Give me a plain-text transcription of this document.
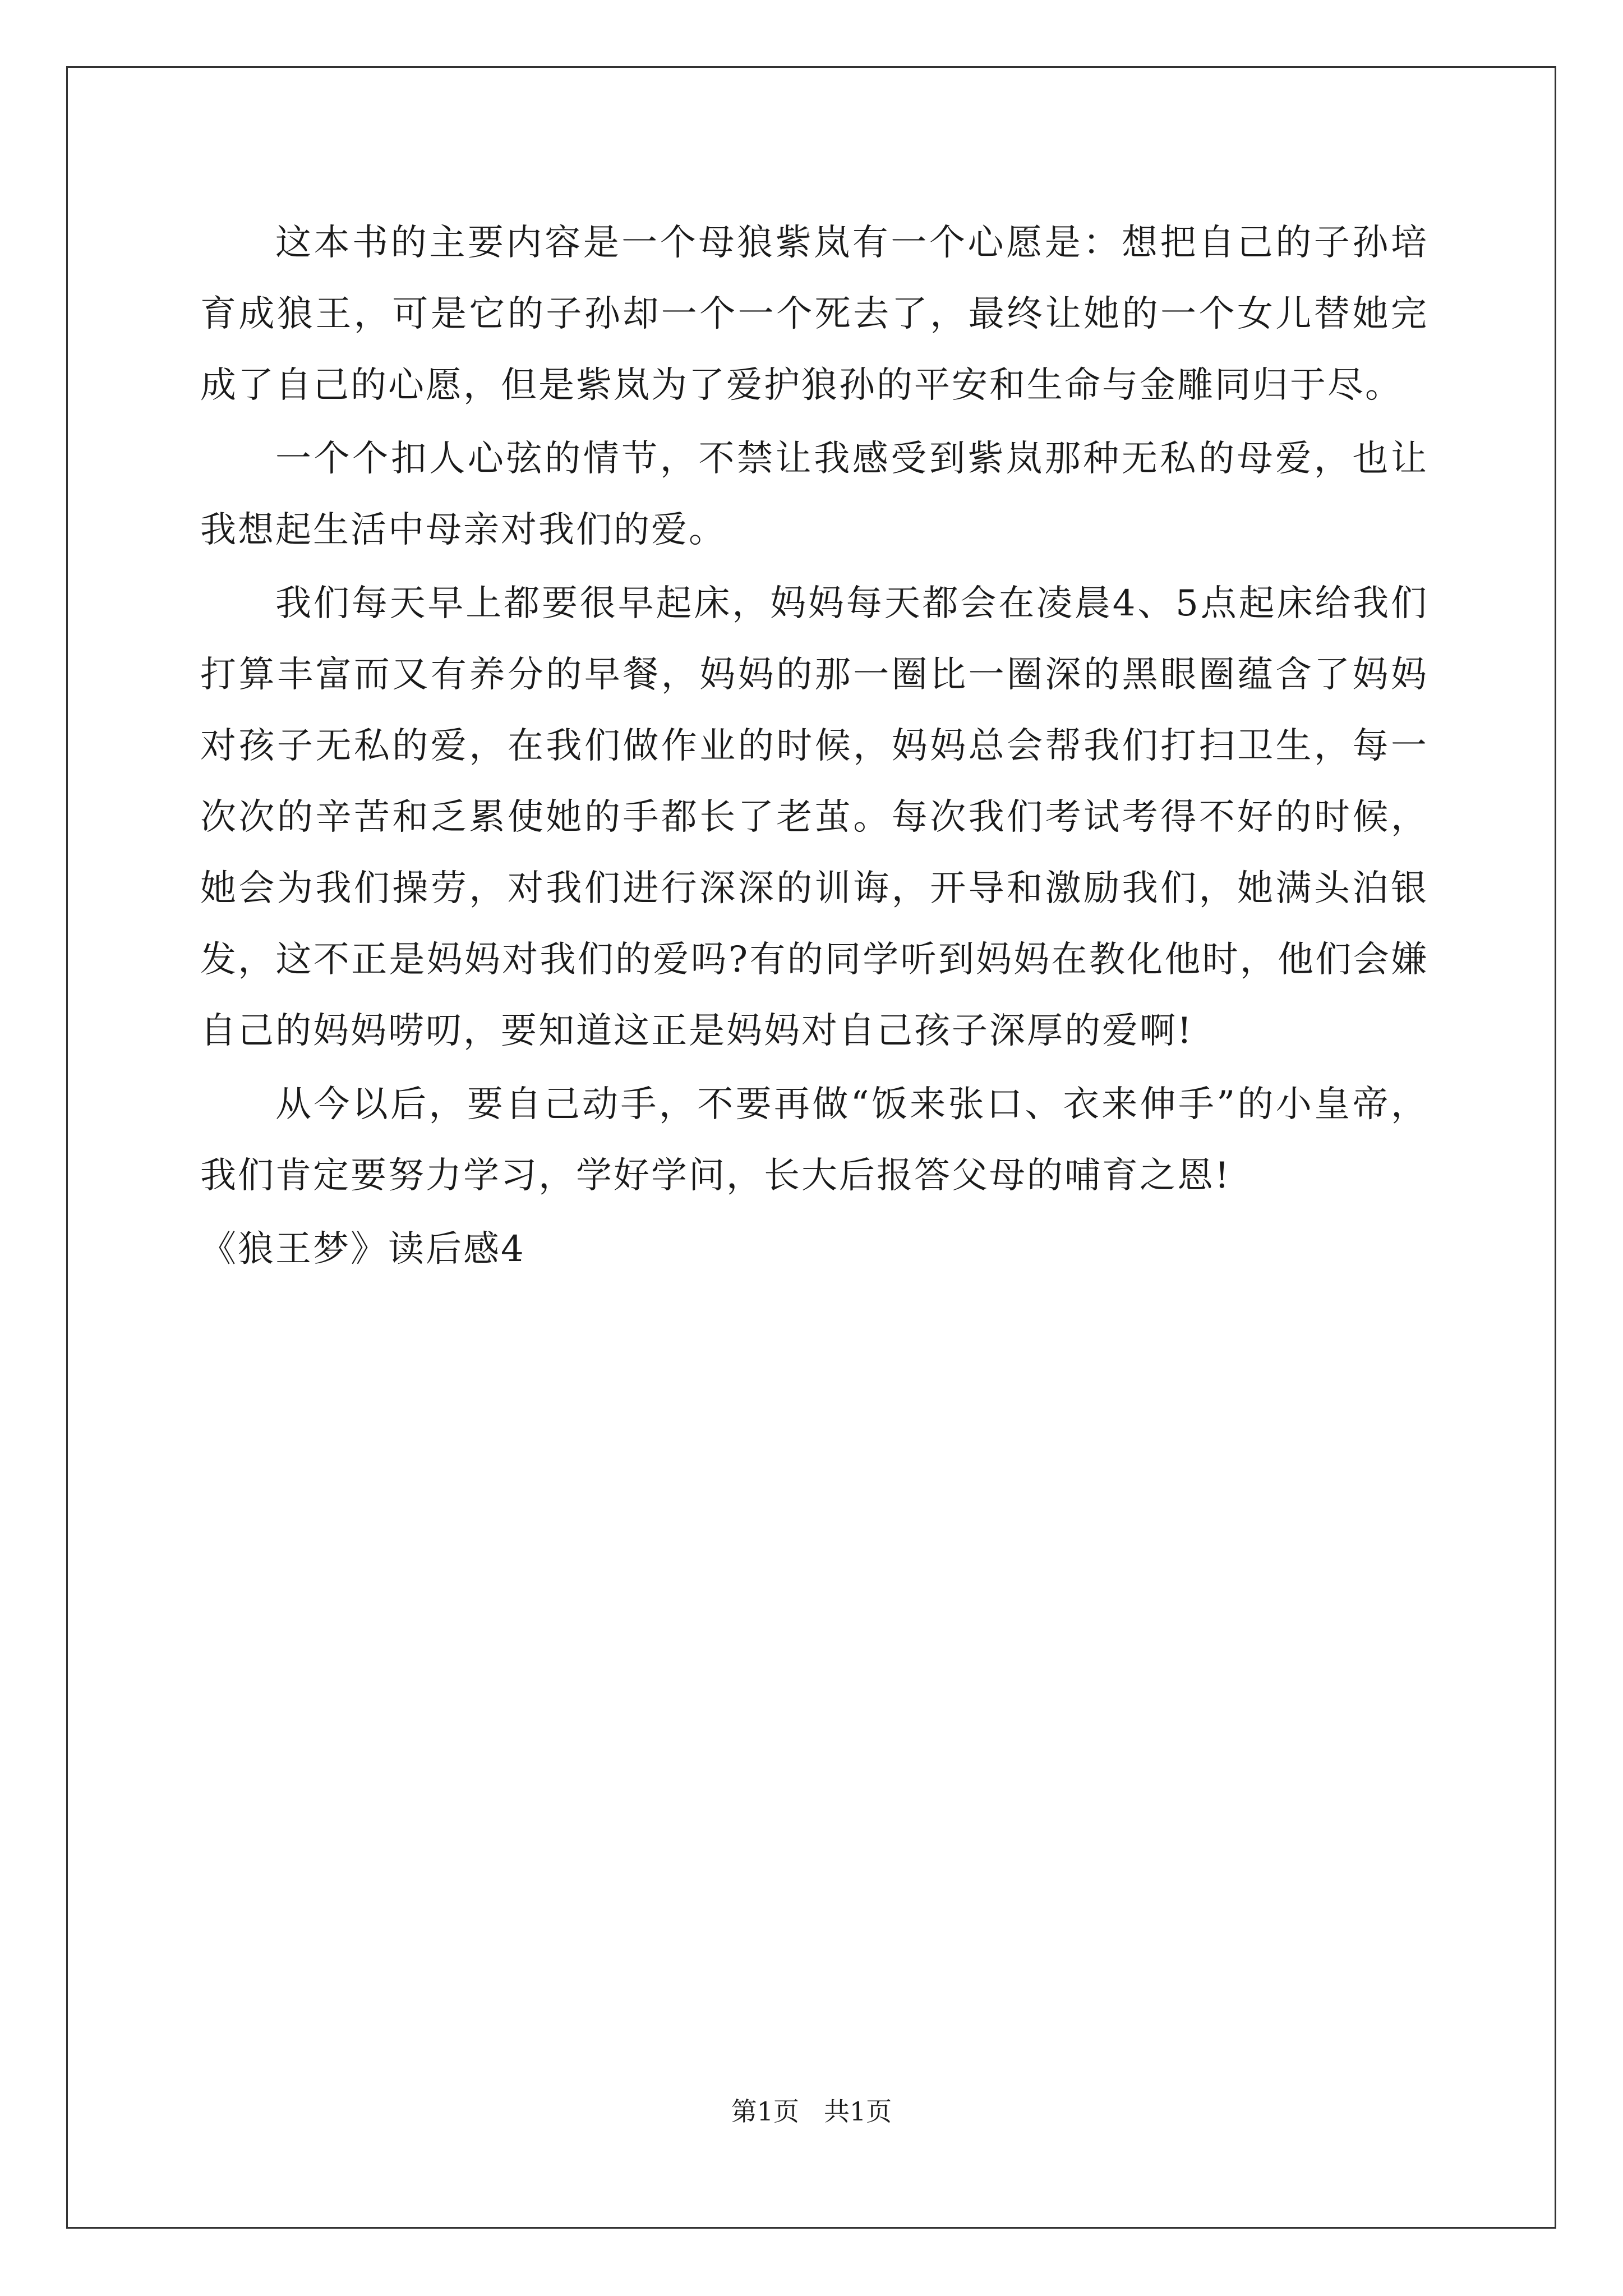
这本书的主要内容是一个母狼紫岚有一个心愿是：想把自己的子孙培育成狼王，可是它的子孙却一个一个死去了，最终让她的一个女儿替她完成了自己的心愿，但是紫岚为了爱护狼孙的平安和生命与金雕同归于尽。

一个个扣人心弦的情节，不禁让我感受到紫岚那种无私的母爱，也让我想起生活中母亲对我们的爱。

我们每天早上都要很早起床，妈妈每天都会在凌晨4、5点起床给我们打算丰富而又有养分的早餐，妈妈的那一圈比一圈深的黑眼圈蕴含了妈妈对孩子无私的爱，在我们做作业的时候，妈妈总会帮我们打扫卫生，每一次次的辛苦和乏累使她的手都长了老茧。每次我们考试考得不好的时候，她会为我们操劳，对我们进行深深的训诲，开导和激励我们，她满头泊银发，这不正是妈妈对我们的爱吗?有的同学听到妈妈在教化他时，他们会嫌自己的妈妈唠叨，要知道这正是妈妈对自己孩子深厚的爱啊!

从今以后，要自己动手，不要再做“饭来张口、衣来伸手”的小皇帝，我们肯定要努力学习，学好学问，长大后报答父母的哺育之恩!

《狼王梦》读后感4

第1页 共1页
